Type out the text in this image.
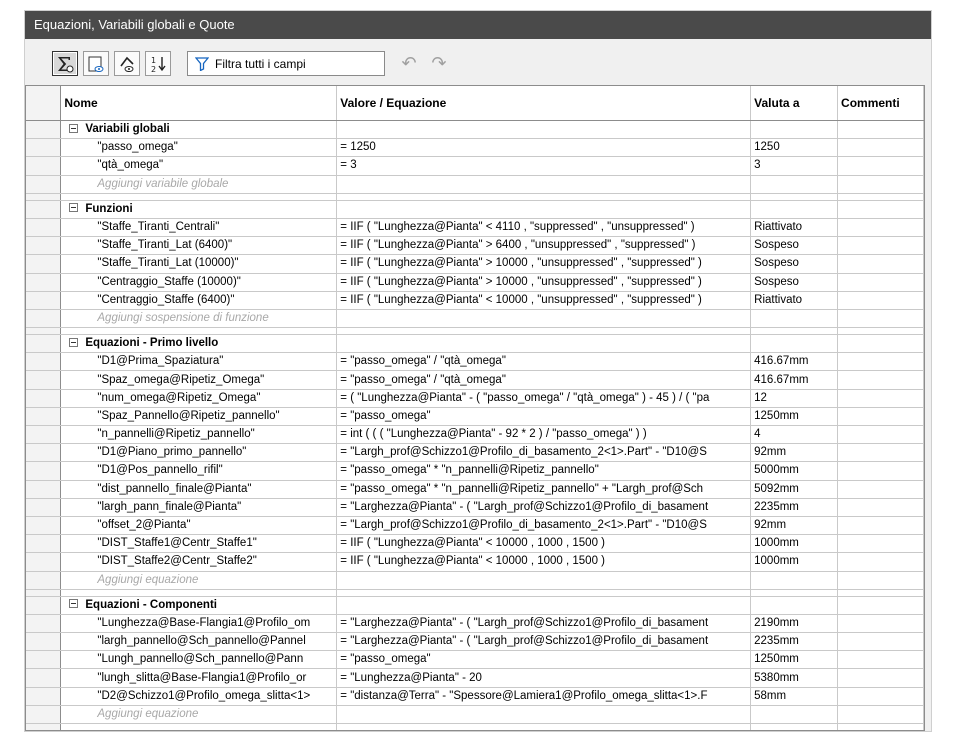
Equazioni, Variabili globali e Quote
1
2	Filtra tutti i campi	↶ ↷
	Nome	Valore / Equazione	Valuta a	Commenti
	Variabili globali			
	"passo_omega"	= 1250	1250	
	"qtà_omega"	= 3	3	
	Aggiungi variabile globale			

	Funzioni			
	"Staffe_Tiranti_Centrali"	= IIF ( "Lunghezza@Pianta" < 4110 , "suppressed" , "unsuppressed" )	Riattivato	
	"Staffe_Tiranti_Lat (6400)"	= IIF ( "Lunghezza@Pianta" > 6400 , "unsuppressed" , "suppressed" )	Sospeso	
	"Staffe_Tiranti_Lat (10000)"	= IIF ( "Lunghezza@Pianta" > 10000 , "unsuppressed" , "suppressed" )	Sospeso	
	"Centraggio_Staffe (10000)"	= IIF ( "Lunghezza@Pianta" > 10000 , "unsuppressed" , "suppressed" )	Sospeso	
	"Centraggio_Staffe (6400)"	= IIF ( "Lunghezza@Pianta" < 10000 , "unsuppressed" , "suppressed" )	Riattivato	
	Aggiungi sospensione di funzione			

	Equazioni - Primo livello			
	"D1@Prima_Spaziatura"	= "passo_omega" / "qtà_omega"	416.67mm	
	"Spaz_omega@Ripetiz_Omega"	= "passo_omega" / "qtà_omega"	416.67mm	
	"num_omega@Ripetiz_Omega"	= ( "Lunghezza@Pianta" - ( "passo_omega" / "qtà_omega" ) - 45 ) / ( "pa	12	
	"Spaz_Pannello@Ripetiz_pannello"	= "passo_omega"	1250mm	
	"n_pannelli@Ripetiz_pannello"	= int ( ( ( "Lunghezza@Pianta" - 92 * 2 ) / "passo_omega" ) )	4	
	"D1@Piano_primo_pannello"	= "Largh_prof@Schizzo1@Profilo_di_basamento_2<1>.Part" - "D10@S	92mm	
	"D1@Pos_pannello_rifil"	= "passo_omega" * "n_pannelli@Ripetiz_pannello"	5000mm	
	"dist_pannello_finale@Pianta"	= "passo_omega" * "n_pannelli@Ripetiz_pannello" + "Largh_prof@Sch	5092mm	
	"largh_pann_finale@Pianta"	= "Larghezza@Pianta" - ( "Largh_prof@Schizzo1@Profilo_di_basament	2235mm	
	"offset_2@Pianta"	= "Largh_prof@Schizzo1@Profilo_di_basamento_2<1>.Part" - "D10@S	92mm	
	"DIST_Staffe1@Centr_Staffe1"	= IIF ( "Lunghezza@Pianta" < 10000 , 1000 , 1500 )	1000mm	
	"DIST_Staffe2@Centr_Staffe2"	= IIF ( "Lunghezza@Pianta" < 10000 , 1000 , 1500 )	1000mm	
	Aggiungi equazione			

	Equazioni - Componenti			
	"Lunghezza@Base-Flangia1@Profilo_om	= "Larghezza@Pianta" - ( "Largh_prof@Schizzo1@Profilo_di_basament	2190mm	
	"largh_pannello@Sch_pannello@Pannel	= "Larghezza@Pianta" - ( "Largh_prof@Schizzo1@Profilo_di_basament	2235mm	
	"Lungh_pannello@Sch_pannello@Pann	= "passo_omega"	1250mm	
	"lungh_slitta@Base-Flangia1@Profilo_or	= "Lunghezza@Pianta" - 20	5380mm	
	"D2@Schizzo1@Profilo_omega_slitta<1>	= "distanza@Terra" - "Spessore@Lamiera1@Profilo_omega_slitta<1>.F	58mm	
	Aggiungi equazione			
